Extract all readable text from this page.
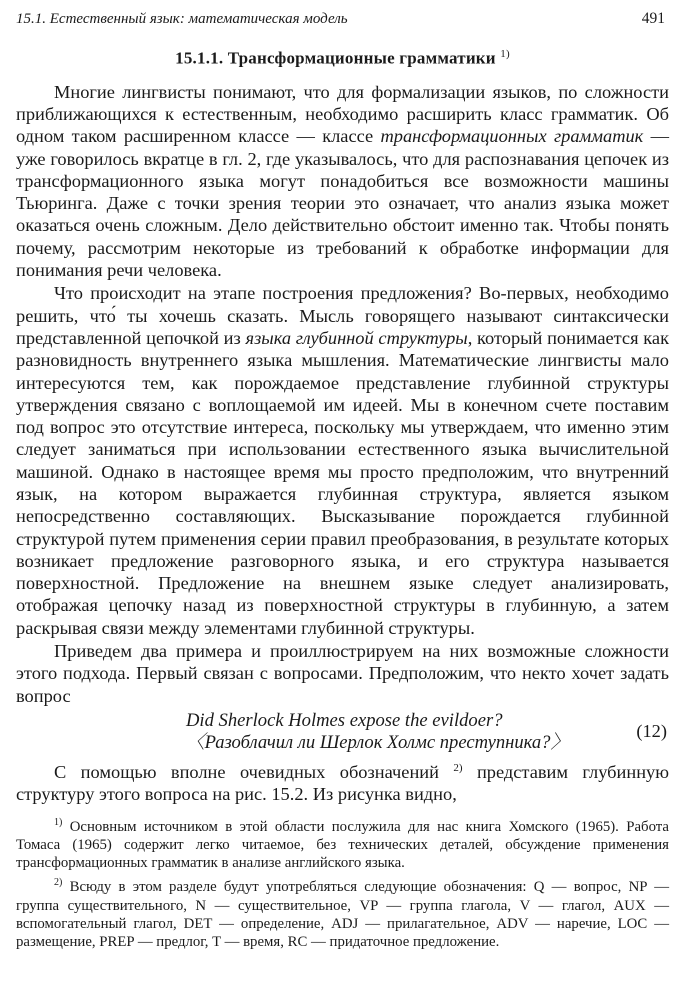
15.1. Естественный язык: математическая модель	491
15.1.1. Трансформационные грамматики $^{1)}$

Многие лингвисты понимают, что для формализации языков, по сложности приближающихся к естественным, необходимо расширить класс грамматик. Об одном таком расширенном классе — классе трансформационных грамматик — уже говорилось вкратце в гл. 2, где указывалось, что для распознавания цепочек из трансформационного языка могут понадобиться все возможности машины Тьюринга. Даже с точки зрения теории это означает, что анализ языка может оказаться очень сложным. Дело действительно обстоит именно так. Чтобы понять почему, рассмотрим некоторые из требований к обработке информации для понимания речи человека.

Что происходит на этапе построения предложения? Во-первых, необходимо решить, что́ ты хочешь сказать. Мысль говорящего называют синтаксически представленной цепочкой из языка глубинной структуры, который понимается как разновидность внутреннего языка мышления. Математические лингвисты мало интересуются тем, как порождаемое представление глубинной структуры утверждения связано с воплощаемой им идеей. Мы в конечном счете поставим под вопрос это отсутствие интереса, поскольку мы утверждаем, что именно этим следует заниматься при использовании естественного языка вычислительной машиной. Однако в настоящее время мы просто предположим, что внутренний язык, на котором выражается глубинная структура, является языком непосредственно составляющих. Высказывание порождается глубинной структурой путем применения серии правил преобразования, в результате которых возникает предложение разговорного языка, и его структура называется поверхностной. Предложение на внешнем языке следует анализировать, отображая цепочку назад из поверхностной структуры в глубинную, а затем раскрывая связи между элементами глубинной структуры.

Приведем два примера и проиллюстрируем на них возможные сложности этого подхода. Первый связан с вопросами. Предположим, что некто хочет задать вопрос

Did Sherlock Holmes expose the evildoer?
〈Разоблачил ли Шерлок Холмс преступника?〉
(12)

С помощью вполне очевидных обозначений $^{2)}$ представим глубинную структуру этого вопроса на рис. 15.2. Из рисунка видно,

$^{1)}$ Основным источником в этой области послужила для нас книга Хомского (1965). Работа Томаса (1965) содержит легко читаемое, без технических деталей, обсуждение применения трансформационных грамматик в анализе английского языка.

$^{2)}$ Всюду в этом разделе будут употребляться следующие обозначения: Q — вопрос, NP — группа существительного, N — существительное, VP — группа глагола, V — глагол, AUX — вспомогательный глагол, DET — определение, ADJ — прилагательное, ADV — наречие, LOC — размещение, PREP — предлог, T — время, RC — придаточное предложение.
